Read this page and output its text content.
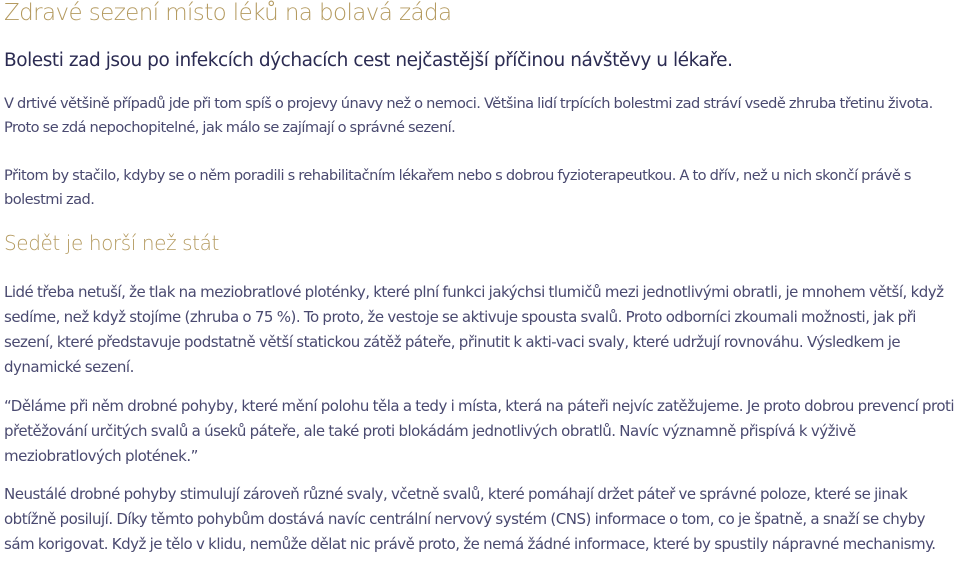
Zdravé sezení místo léků na bolavá záda
Bolesti zad jsou po infekcích dýchacích cest nejčastější příčinou návštěvy u lékaře.

V drtivé většině případů jde při tom spíš o projevy únavy než o nemoci. Většina lidí trpících bolestmi zad stráví vsedě zhruba třetinu života. Proto se zdá nepochopitelné, jak málo se zajímají o správné sezení.

Přitom by stačilo, kdyby se o něm poradili s rehabilitačním lékařem nebo s dobrou fyzioterapeutkou. A to dřív, než u nich skončí právě s bolestmi zad.

Sedět je horší než stát

Lidé třeba netuší, že tlak na meziobratlové ploténky, které plní funkci jakýchsi tlumičů mezi jednotlivými obratli, je mnohem větší, když sedíme, než když stojíme (zhruba o 75 %). To proto, že vestoje se aktivuje spousta svalů. Proto odborníci zkoumali možnosti, jak při sezení, které představuje podstatně větší statickou zátěž páteře, přinutit k akti-vaci svaly, které udržují rovnováhu. Výsledkem je dynamické sezení.

“Děláme při něm drobné pohyby, které mění polohu těla a tedy i místa, která na páteři nejvíc zatěžujeme. Je proto dobrou prevencí proti přetěžování určitých svalů a úseků páteře, ale také proti blokádám jednotlivých obratlů. Navíc významně přispívá k výživě meziobratlových plotének.”

Neustálé drobné pohyby stimulují zároveň různé svaly, včetně svalů, které pomáhají držet páteř ve správné poloze, které se jinak obtížně posilují. Díky těmto pohybům dostává navíc centrální nervový systém (CNS) informace o tom, co je špatně, a snaží se chyby sám korigovat. Když je tělo v klidu, nemůže dělat nic právě proto, že nemá žádné informace, které by spustily nápravné mechanismy.
